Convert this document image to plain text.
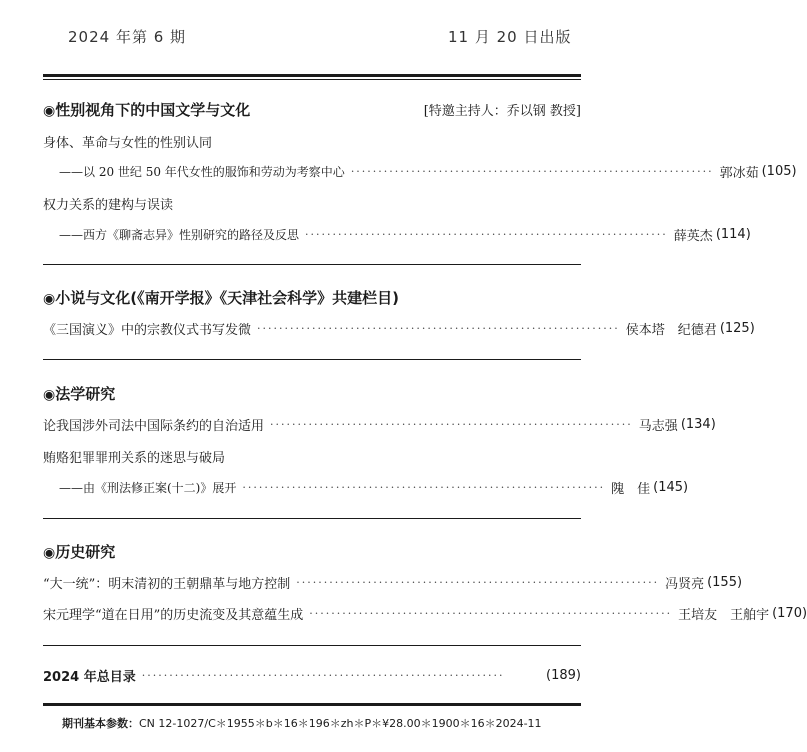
2024 年第 6 期	11 月 20 日出版
◉性别视角下的中国文学与文化	[特邀主持人：乔以钢 教授]
身体、革命与女性的性别认同
——以 20 世纪 50 年代女性的服饰和劳动为考察中心 ·································································· 郭冰茹 (105)
权力关系的建构与误读
——西方《聊斋志异》性别研究的路径及反思 ·································································· 薛英杰 (114)
◉小说与文化(《南开学报》《天津社会科学》共建栏目)
《三国演义》中的宗教仪式书写发微 ·································································· 侯本塔　纪德君 (125)
◉法学研究
论我国涉外司法中国际条约的自治适用 ·································································· 马志强 (134)
贿赂犯罪罪刑关系的迷思与破局
——由《刑法修正案(十二)》展开 ·································································· 隗　佳 (145)
◉历史研究
“大一统”：明末清初的王朝鼎革与地方控制 ·································································· 冯贤亮 (155)
宋元理学“道在日用”的历史流变及其意蕴生成 ·································································· 王培友　王舶宇 (170)
2024 年总目录 ··································································	(189)
期刊基本参数：CN 12-1027/C＊1955＊b＊16＊196＊zh＊P＊¥28.00＊1900＊16＊2024-11
